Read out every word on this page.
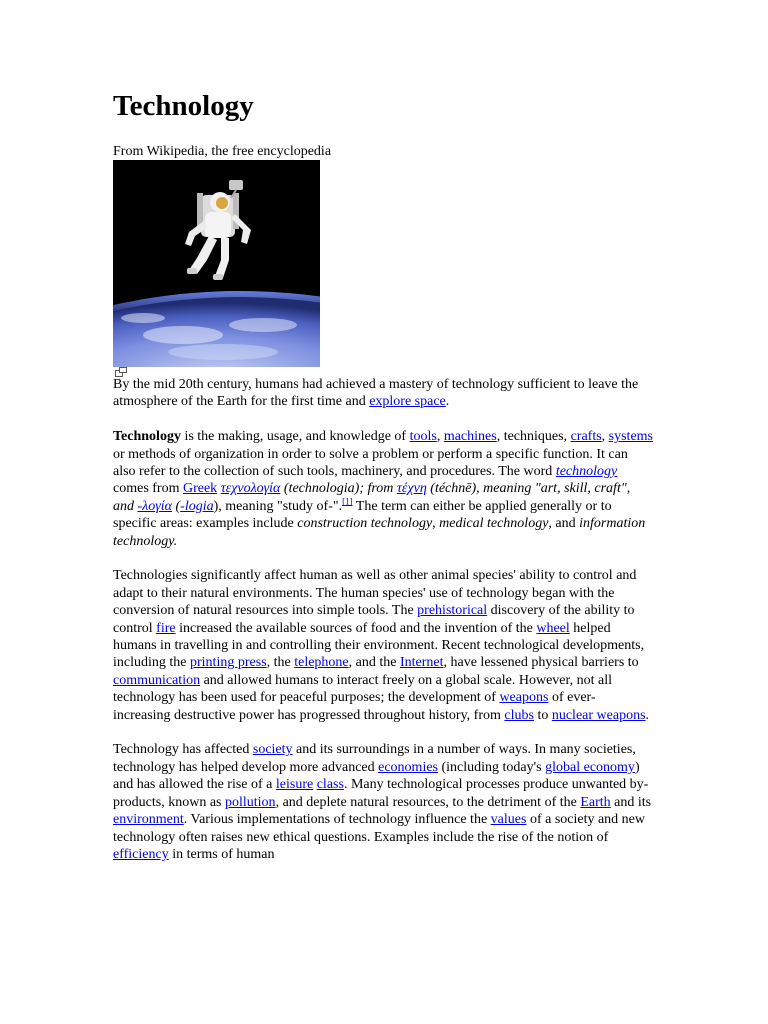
Technology
From Wikipedia, the free encyclopedia

By the mid 20th century, humans had achieved a mastery of technology sufficient to leave the atmosphere of the Earth for the first time and explore space.

Technology is the making, usage, and knowledge of tools, machines, techniques, crafts, systems or methods of organization in order to solve a problem or perform a specific function. It can also refer to the collection of such tools, machinery, and procedures. The word technology comes from Greek τεχνολογία (technologia); from τέχνη (téchnē), meaning "art, skill, craft", and -λογία (-logia), meaning "study of-".[1] The term can either be applied generally or to specific areas: examples include construction technology, medical technology, and information technology.

Technologies significantly affect human as well as other animal species' ability to control and adapt to their natural environments. The human species' use of technology began with the conversion of natural resources into simple tools. The prehistorical discovery of the ability to control fire increased the available sources of food and the invention of the wheel helped humans in travelling in and controlling their environment. Recent technological developments, including the printing press, the telephone, and the Internet, have lessened physical barriers to communication and allowed humans to interact freely on a global scale. However, not all technology has been used for peaceful purposes; the development of weapons of ever-increasing destructive power has progressed throughout history, from clubs to nuclear weapons.

Technology has affected society and its surroundings in a number of ways. In many societies, technology has helped develop more advanced economies (including today's global economy) and has allowed the rise of a leisure class. Many technological processes produce unwanted by-products, known as pollution, and deplete natural resources, to the detriment of the Earth and its environment. Various implementations of technology influence the values of a society and new technology often raises new ethical questions. Examples include the rise of the notion of efficiency in terms of human
